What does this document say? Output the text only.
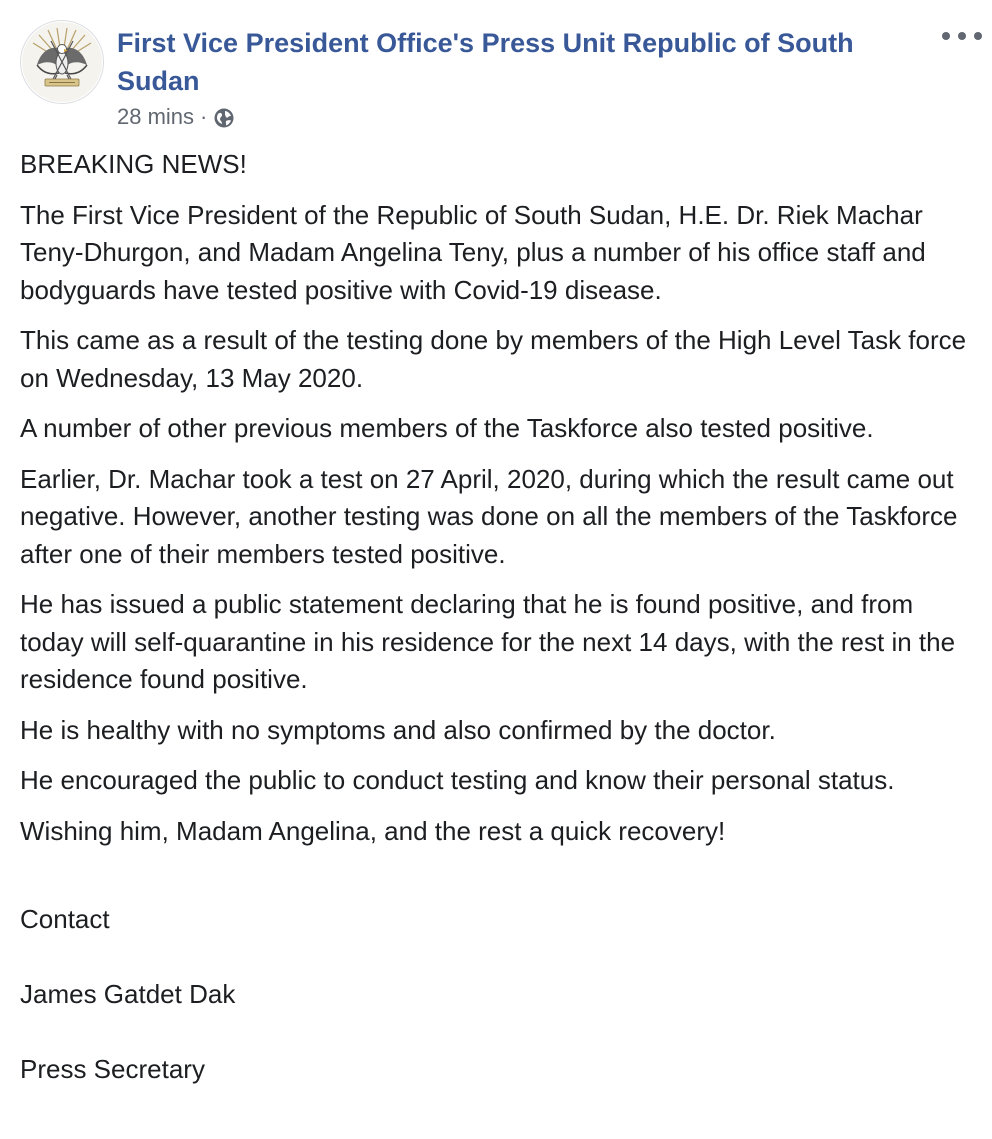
First Vice President Office's Press Unit Republic of South Sudan
28 mins ·

BREAKING NEWS!

The First Vice President of the Republic of South Sudan, H.E. Dr. Riek Machar Teny-Dhurgon, and Madam Angelina Teny, plus a number of his office staff and bodyguards have tested positive with Covid-19 disease.

This came as a result of the testing done by members of the High Level Task force on Wednesday, 13 May 2020.

A number of other previous members of the Taskforce also tested positive.

Earlier, Dr. Machar took a test on 27 April, 2020, during which the result came out negative. However, another testing was done on all the members of the Taskforce after one of their members tested positive.

He has issued a public statement declaring that he is found positive, and from today will self-quarantine in his residence for the next 14 days, with the rest in the residence found positive.

He is healthy with no symptoms and also confirmed by the doctor.

He encouraged the public to conduct testing and know their personal status.

Wishing him, Madam Angelina, and the rest a quick recovery!

Contact

James Gatdet Dak

Press Secretary
